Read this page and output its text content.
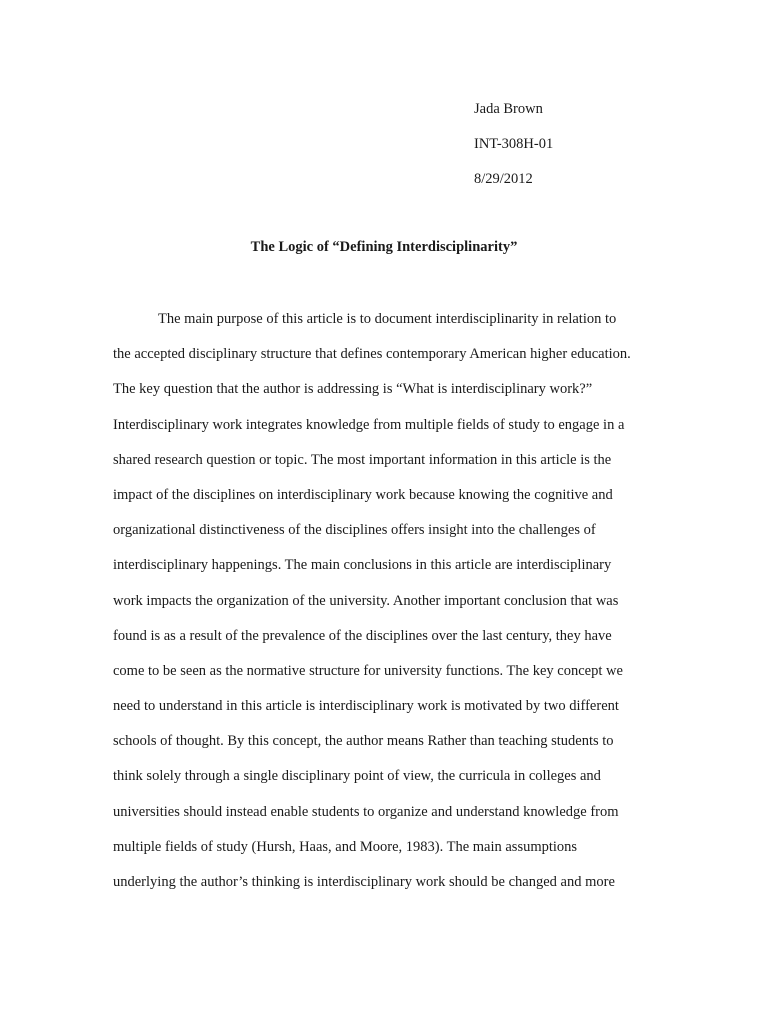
Jada Brown
INT-308H-01
8/29/2012
The Logic of “Defining Interdisciplinarity”
The main purpose of this article is to document interdisciplinarity in relation to
the accepted disciplinary structure that defines contemporary American higher education.
The key question that the author is addressing is “What is interdisciplinary work?”
Interdisciplinary work integrates knowledge from multiple fields of study to engage in a
shared research question or topic. The most important information in this article is the
impact of the disciplines on interdisciplinary work because knowing the cognitive and
organizational distinctiveness of the disciplines offers insight into the challenges of
interdisciplinary happenings. The main conclusions in this article are interdisciplinary
work impacts the organization of the university. Another important conclusion that was
found is as a result of the prevalence of the disciplines over the last century, they have
come to be seen as the normative structure for university functions. The key concept we
need to understand in this article is interdisciplinary work is motivated by two different
schools of thought. By this concept, the author means Rather than teaching students to
think solely through a single disciplinary point of view, the curricula in colleges and
universities should instead enable students to organize and understand knowledge from
multiple fields of study (Hursh, Haas, and Moore, 1983). The main assumptions
underlying the author’s thinking is interdisciplinary work should be changed and more
